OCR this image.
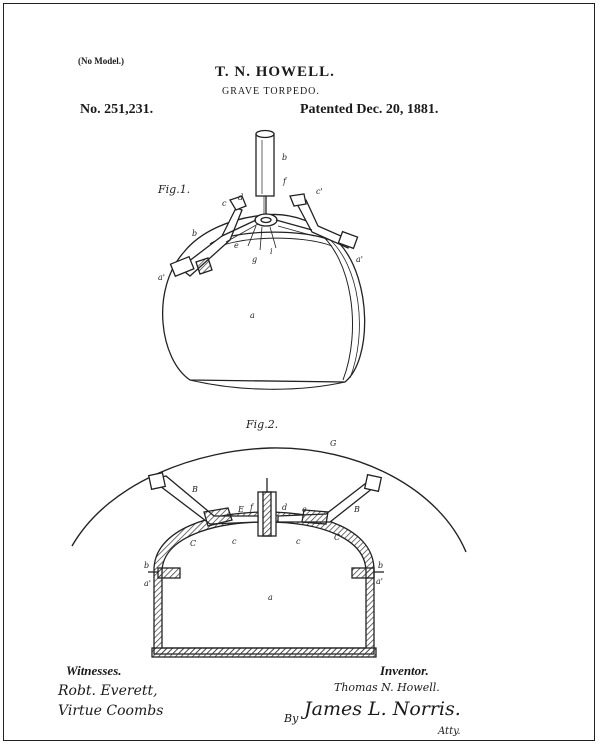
(No Model.)
T. N. HOWELL.
GRAVE TORPEDO.
No. 251,231.	Patented Dec. 20, 1881.
Fig.1.
a
b
f
c'
c
d
a'
b
e
g
i
a'
Fig.2.
G
B
E f	d e	B
C	c	c	C
b
a'
b
a'
a
Witnesses.
Robt. Everett,
Virtue Coombs
Inventor.
Thomas N. Howell.
By James L. Norris.
Atty.
